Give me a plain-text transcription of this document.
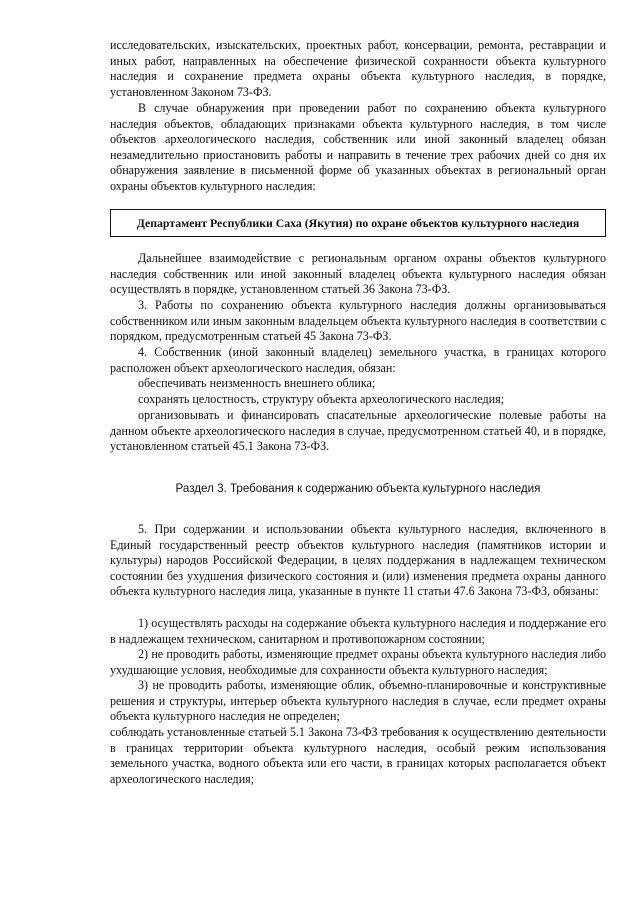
исследовательских, изыскательских, проектных работ, консервации, ремонта, реставрации и иных работ, направленных на обеспечение физической сохранности объекта культурного наследия и сохранение предмета охраны объекта культурного наследия, в порядке, установленном Законом 73-ФЗ.

В случае обнаружения при проведении работ по сохранению объекта культурного наследия объектов, обладающих признаками объекта культурного наследия, в том числе объектов археологического наследия, собственник или иной законный владелец обязан незамедлительно приостановить работы и направить в течение трех рабочих дней со дня их обнаружения заявление в письменной форме об указанных объектах в региональный орган охраны объектов культурного наследия:

Департамент Республики Саха (Якутия) по охране объектов культурного наследия

Дальнейшее взаимодействие с региональным органом охраны объектов культурного наследия собственник или иной законный владелец объекта культурного наследия обязан осуществлять в порядке, установленном статьей 36 Закона 73-ФЗ.

3. Работы по сохранению объекта культурного наследия должны организовываться собственником или иным законным владельцем объекта культурного наследия в соответствии с порядком, предусмотренным статьей 45 Закона 73-ФЗ.

4. Собственник (иной законный владелец) земельного участка, в границах которого расположен объект археологического наследия, обязан:

обеспечивать неизменность внешнего облика;

сохранять целостность, структуру объекта археологического наследия;

организовывать и финансировать спасательные археологические полевые работы на данном объекте археологического наследия в случае, предусмотренном статьей 40, и в порядке, установленном статьей 45.1 Закона 73-ФЗ.

Раздел 3. Требования к содержанию объекта культурного наследия

5. При содержании и использовании объекта культурного наследия, включенного в Единый государственный реестр объектов культурного наследия (памятников истории и культуры) народов Российской Федерации, в целях поддержания в надлежащем техническом состоянии без ухудшения физического состояния и (или) изменения предмета охраны данного объекта культурного наследия лица, указанные в пункте 11 статьи 47.6 Закона 73-ФЗ, обязаны:

1) осуществлять расходы на содержание объекта культурного наследия и поддержание его в надлежащем техническом, санитарном и противопожарном состоянии;

2) не проводить работы, изменяющие предмет охраны объекта культурного наследия либо ухудшающие условия, необходимые для сохранности объекта культурного наследия;

3) не проводить работы, изменяющие облик, объемно-планировочные и конструктивные решения и структуры, интерьер объекта культурного наследия в случае, если предмет охраны объекта культурного наследия не определен;

соблюдать установленные статьей 5.1 Закона 73-ФЗ требования к осуществлению деятельности в границах территории объекта культурного наследия, особый режим использования земельного участка, водного объекта или его части, в границах которых располагается объект археологического наследия;
